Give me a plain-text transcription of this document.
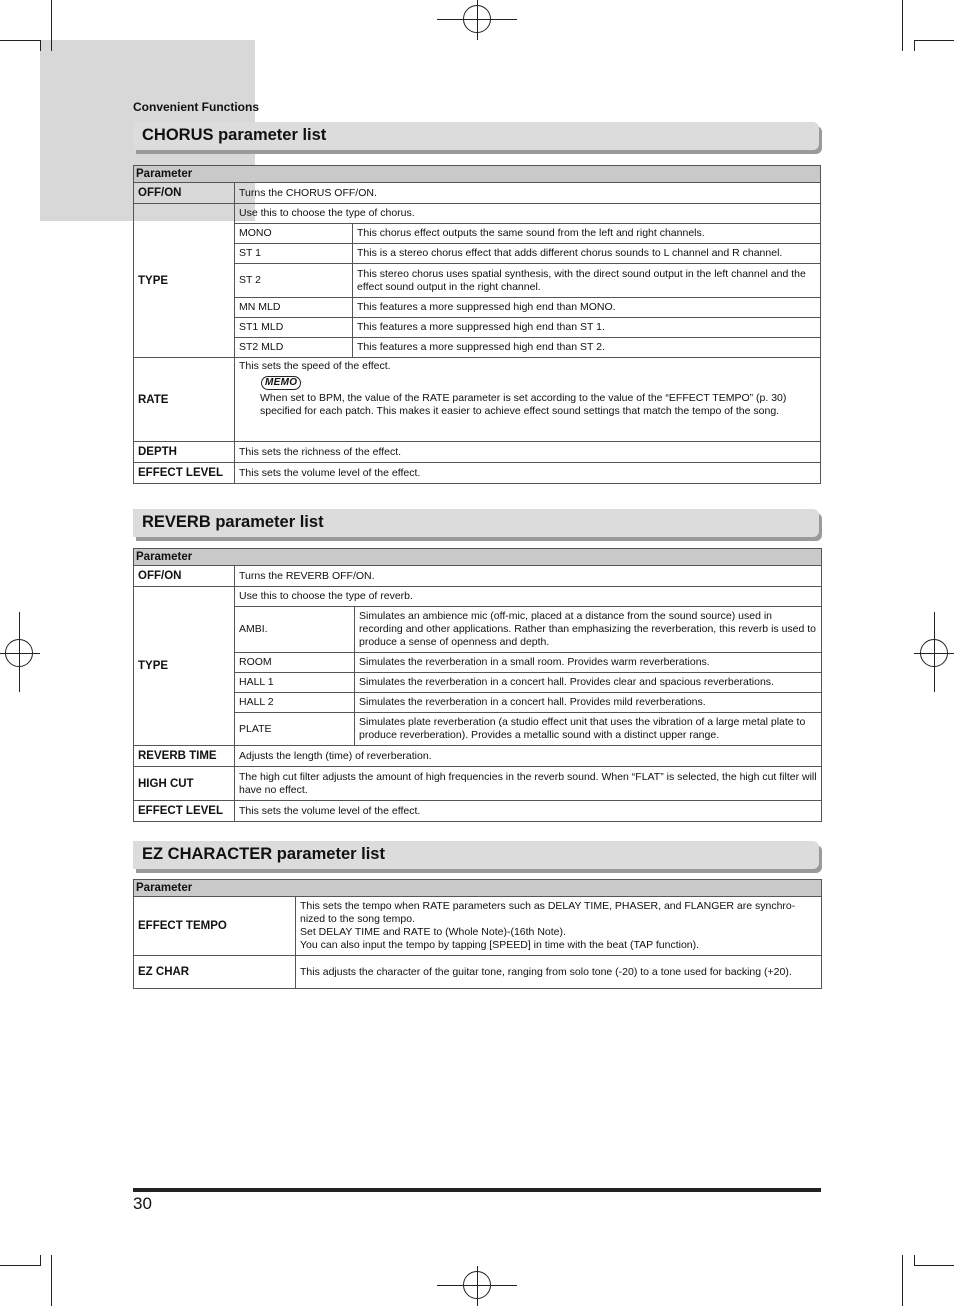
Convenient Functions
CHORUS parameter list
Parameter		
OFF/ON	Turns the CHORUS OFF/ON.	
TYPE	Use this to choose the type of chorus.	
	MONO	This chorus effect outputs the same sound from the left and right channels.
	ST 1	This is a stereo chorus effect that adds different chorus sounds to L channel and R channel.
	ST 2	This stereo chorus uses spatial synthesis, with the direct sound output in the left channel and the effect sound output in the right channel.
	MN MLD	This features a more suppressed high end than MONO.
	ST1 MLD	This features a more suppressed high end than ST 1.
	ST2 MLD	This features a more suppressed high end than ST 2.
RATE	This sets the speed of the effect.
MEMO
When set to BPM, the value of the RATE parameter is set according to the value of the “EFFECT TEMPO” (p. 30) specified for each patch. This makes it easier to achieve effect sound settings that match the tempo of the song.	

DEPTH	This sets the richness of the effect.	
EFFECT LEVEL	This sets the volume level of the effect.	
REVERB parameter list
Parameter		
OFF/ON	Turns the REVERB OFF/ON.	
TYPE	Use this to choose the type of reverb.	
	AMBI.	Simulates an ambience mic (off-mic, placed at a distance from the sound source) used in recording and other applications. Rather than emphasizing the reverberation, this reverb is used to produce a sense of openness and depth.
	ROOM	Simulates the reverberation in a small room. Provides warm reverberations.
	HALL 1	Simulates the reverberation in a concert hall. Provides clear and spacious reverberations.
	HALL 2	Simulates the reverberation in a concert hall. Provides mild reverberations.
	PLATE	Simulates plate reverberation (a studio effect unit that uses the vibration of a large metal plate to produce reverberation). Provides a metallic sound with a distinct upper range.
REVERB TIME	Adjusts the length (time) of reverberation.	
HIGH CUT	The high cut filter adjusts the amount of high frequencies in the reverb sound. When “FLAT” is selected, the high cut filter will have no effect.	
EFFECT LEVEL	This sets the volume level of the effect.	
EZ CHARACTER parameter list
Parameter	
EFFECT TEMPO	This sets the tempo when RATE parameters such as DELAY TIME, PHASER, and FLANGER are synchro-nized to the song tempo.
Set DELAY TIME and RATE to (Whole Note)-(16th Note).
You can also input the tempo by tapping [SPEED] in time with the beat (TAP function).
EZ CHAR	This adjusts the character of the guitar tone, ranging from solo tone (-20) to a tone used for backing (+20).
30
